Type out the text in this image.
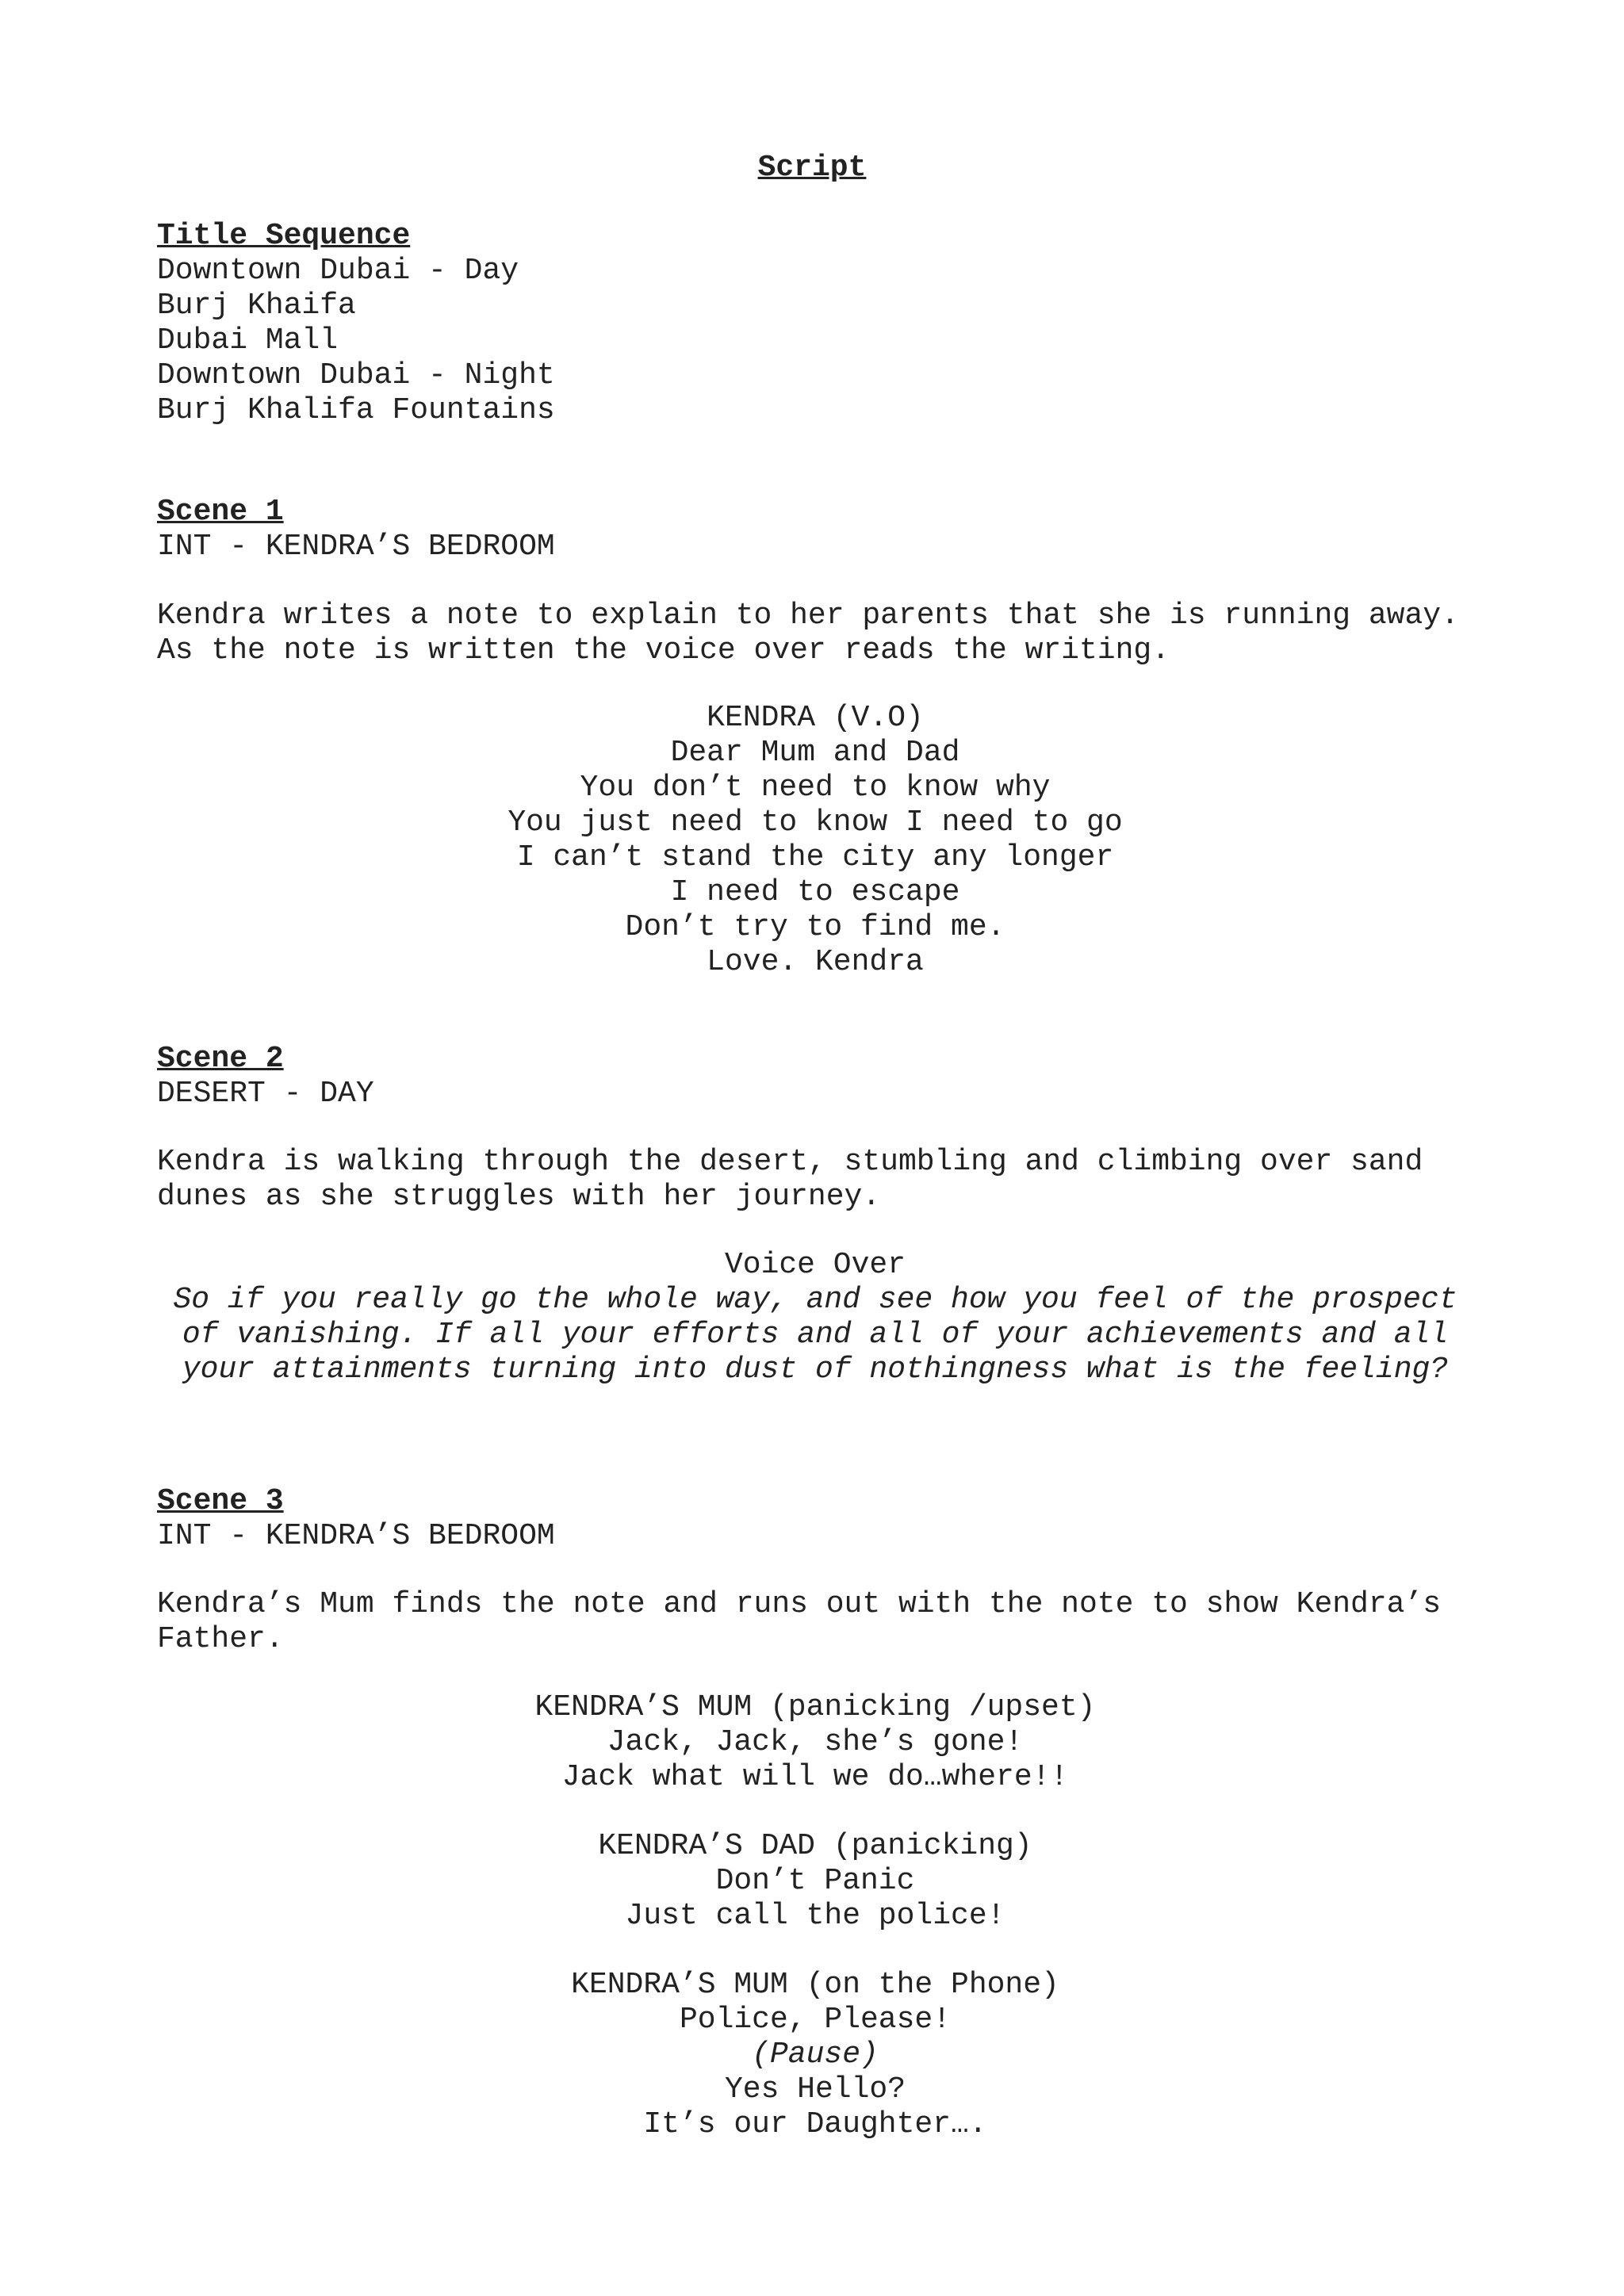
Script

Title Sequence

Downtown Dubai - Day

Burj Khaifa

Dubai Mall

Downtown Dubai - Night

Burj Khalifa Fountains

Scene 1

INT - KENDRA’S BEDROOM

Kendra writes a note to explain to her parents that she is running away.

As the note is written the voice over reads the writing.

KENDRA (V.O)

Dear Mum and Dad

You don’t need to know why

You just need to know I need to go

I can’t stand the city any longer

I need to escape

Don’t try to find me.

Love. Kendra

Scene 2

DESERT - DAY

Kendra is walking through the desert, stumbling and climbing over sand

dunes as she struggles with her journey.

Voice Over

So if you really go the whole way, and see how you feel of the prospect

of vanishing. If all your efforts and all of your achievements and all

your attainments turning into dust of nothingness what is the feeling?

Scene 3

INT - KENDRA’S BEDROOM

Kendra’s Mum finds the note and runs out with the note to show Kendra’s

Father.

KENDRA’S MUM (panicking /upset)

Jack, Jack, she’s gone!

Jack what will we do…where!!

KENDRA’S DAD (panicking)

Don’t Panic

Just call the police!

KENDRA’S MUM (on the Phone)

Police, Please!

(Pause)

Yes Hello?

It’s our Daughter….
